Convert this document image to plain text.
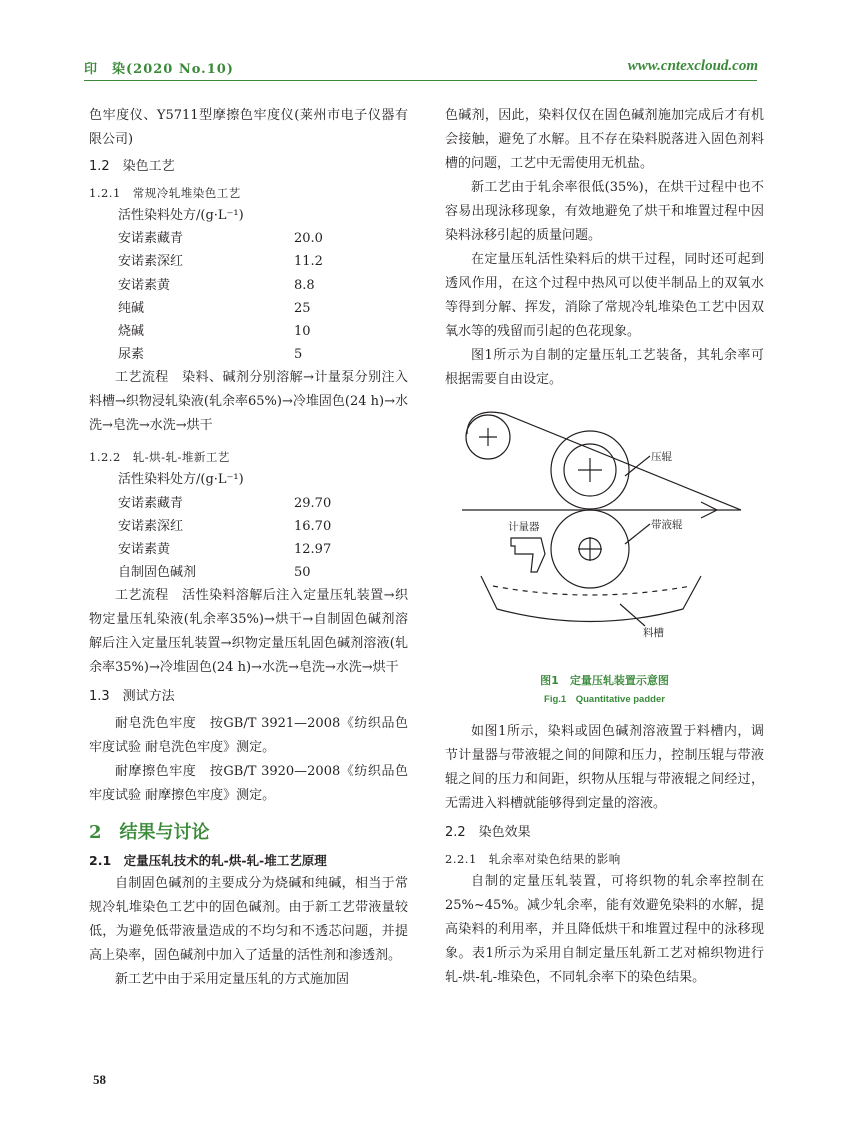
印　染(2020 No.10)	www.cntexcloud.com

色牢度仪、Y5711型摩擦色牢度仪(莱州市电子仪器有限公司)

1.2　染色工艺
1.2.1　常规冷轧堆染色工艺

活性染料处方/(g·L⁻¹)

安诺素藏青	20.0

安诺素深红	11.2

安诺素黄	8.8

纯碱	25

烧碱	10

尿素	5

工艺流程　染料、碱剂分别溶解→计量泵分别注入料槽→织物浸轧染液(轧余率65%)→冷堆固色(24 h)→水洗→皂洗→水洗→烘干

1.2.2　轧-烘-轧-堆新工艺

活性染料处方/(g·L⁻¹)

安诺素藏青	29.70

安诺素深红	16.70

安诺素黄	12.97

自制固色碱剂	50

工艺流程　活性染料溶解后注入定量压轧装置→织物定量压轧染液(轧余率35%)→烘干→自制固色碱剂溶解后注入定量压轧装置→织物定量压轧固色碱剂溶液(轧余率35%)→冷堆固色(24 h)→水洗→皂洗→水洗→烘干

1.3　测试方法

耐皂洗色牢度　按GB/T 3921—2008《纺织品色牢度试验 耐皂洗色牢度》测定。

耐摩擦色牢度　按GB/T 3920—2008《纺织品色牢度试验 耐摩擦色牢度》测定。

2　结果与讨论
2.1　定量压轧技术的轧-烘-轧-堆工艺原理

自制固色碱剂的主要成分为烧碱和纯碱，相当于常规冷轧堆染色工艺中的固色碱剂。由于新工艺带液量较低，为避免低带液量造成的不均匀和不透芯问题，并提高上染率，固色碱剂中加入了适量的活性剂和渗透剂。

新工艺中由于采用定量压轧的方式施加固

色碱剂，因此，染料仅仅在固色碱剂施加完成后才有机会接触，避免了水解。且不存在染料脱落进入固色剂料槽的问题，工艺中无需使用无机盐。

新工艺由于轧余率很低(35%)，在烘干过程中也不容易出现泳移现象，有效地避免了烘干和堆置过程中因染料泳移引起的质量问题。

在定量压轧活性染料后的烘干过程，同时还可起到透风作用，在这个过程中热风可以使半制品上的双氧水等得到分解、挥发，消除了常规冷轧堆染色工艺中因双氧水等的残留而引起的色花现象。

图1所示为自制的定量压轧工艺装备，其轧余率可根据需要自由设定。

压辊
计量器	带液辊
料槽
图1　定量压轧装置示意图
Fig.1　Quantitative padder

如图1所示，染料或固色碱剂溶液置于料槽内，调节计量器与带液辊之间的间隙和压力，控制压辊与带液辊之间的压力和间距，织物从压辊与带液辊之间经过，无需进入料槽就能够得到定量的溶液。

2.2　染色效果
2.2.1　轧余率对染色结果的影响

自制的定量压轧装置，可将织物的轧余率控制在25%~45%。减少轧余率，能有效避免染料的水解，提高染料的利用率，并且降低烘干和堆置过程中的泳移现象。表1所示为采用自制定量压轧新工艺对棉织物进行轧-烘-轧-堆染色，不同轧余率下的染色结果。

58
